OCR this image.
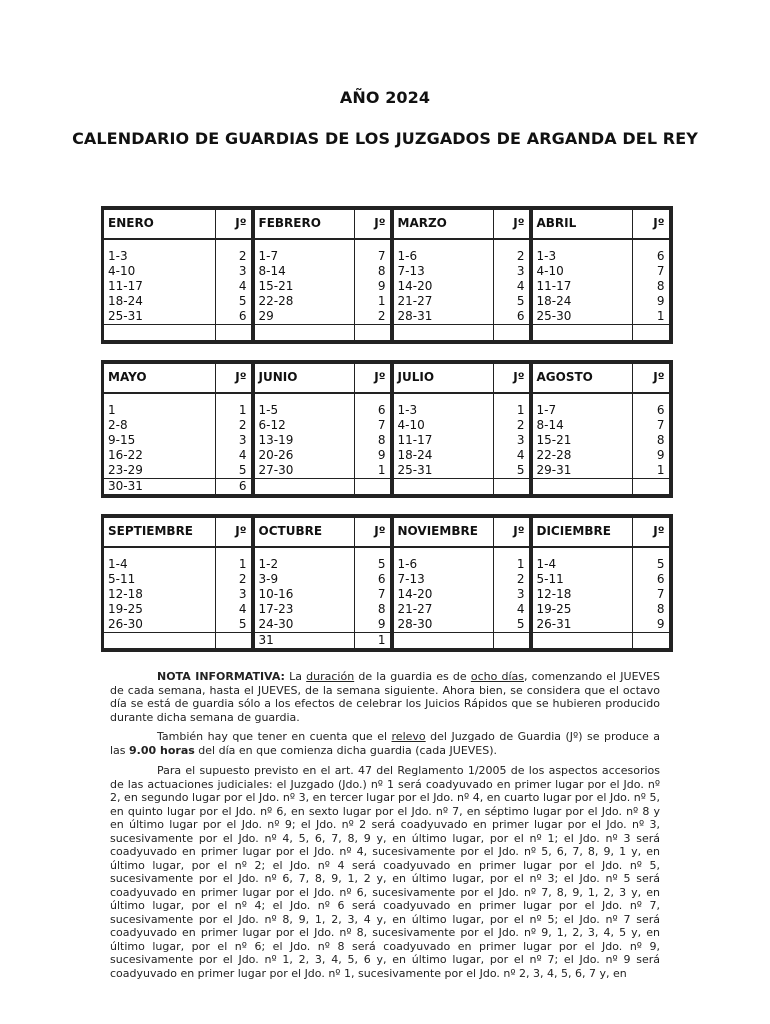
AÑO 2024
CALENDARIO DE GUARDIAS DE LOS JUZGADOS DE ARGANDA DEL REY
ENERO	Jº	FEBRERO	Jº	MARZO	Jº	ABRIL	Jº

1-3	2	1-7	7	1-6	2	1-3	6
4-10	3	8-14	8	7-13	3	4-10	7
11-17	4	15-21	9	14-20	4	11-17	8
18-24	5	22-28	1	21-27	5	18-24	9
25-31	6	29	2	28-31	6	25-30	1

MAYO	Jº	JUNIO	Jº	JULIO	Jº	AGOSTO	Jº

1	1	1-5	6	1-3	1	1-7	6
2-8	2	6-12	7	4-10	2	8-14	7
9-15	3	13-19	8	11-17	3	15-21	8
16-22	4	20-26	9	18-24	4	22-28	9
23-29	5	27-30	1	25-31	5	29-31	1
30-31	6						
SEPTIEMBRE	Jº	OCTUBRE	Jº	NOVIEMBRE	Jº	DICIEMBRE	Jº

1-4	1	1-2	5	1-6	1	1-4	5
5-11	2	3-9	6	7-13	2	5-11	6
12-18	3	10-16	7	14-20	3	12-18	7
19-25	4	17-23	8	21-27	4	19-25	8
26-30	5	24-30	9	28-30	5	26-31	9
		31	1				
NOTA INFORMATIVA: La duración de la guardia es de ocho días, comenzando el JUEVES de cada semana, hasta el JUEVES, de la semana siguiente. Ahora bien, se considera que el octavo día se está de guardia sólo a los efectos de celebrar los Juicios Rápidos que se hubieren producido durante dicha semana de guardia.
También hay que tener en cuenta que el relevo del Juzgado de Guardia (Jº) se produce a las 9.00 horas del día en que comienza dicha guardia (cada JUEVES).
Para el supuesto previsto en el art. 47 del Reglamento 1/2005 de los aspectos accesorios de las actuaciones judiciales: el Juzgado (Jdo.) nº 1 será coadyuvado en primer lugar por el Jdo. nº 2, en segundo lugar por el Jdo. nº 3, en tercer lugar por el Jdo. nº 4, en cuarto lugar por el Jdo. nº 5, en quinto lugar por el Jdo. nº 6, en sexto lugar por el Jdo. nº 7, en séptimo lugar por el Jdo. nº 8 y en último lugar por el Jdo. nº 9; el Jdo. nº 2 será coadyuvado en primer lugar por el Jdo. nº 3, sucesivamente por el Jdo. nº 4, 5, 6, 7, 8, 9 y, en último lugar, por el nº 1; el Jdo. nº 3 será coadyuvado en primer lugar por el Jdo. nº 4, sucesivamente por el Jdo. nº 5, 6, 7, 8, 9, 1 y, en último lugar, por el nº 2; el Jdo. nº 4 será coadyuvado en primer lugar por el Jdo. nº 5, sucesivamente por el Jdo. nº 6, 7, 8, 9, 1, 2 y, en último lugar, por el nº 3; el Jdo. nº 5 será coadyuvado en primer lugar por el Jdo. nº 6, sucesivamente por el Jdo. nº 7, 8, 9, 1, 2, 3 y, en último lugar, por el nº 4; el Jdo. nº 6 será coadyuvado en primer lugar por el Jdo. nº 7, sucesivamente por el Jdo. nº 8, 9, 1, 2, 3, 4 y, en último lugar, por el nº 5; el Jdo. nº 7 será coadyuvado en primer lugar por el Jdo. nº 8, sucesivamente por el Jdo. nº 9, 1, 2, 3, 4, 5 y, en último lugar, por el nº 6; el Jdo. nº 8 será coadyuvado en primer lugar por el Jdo. nº 9, sucesivamente por el Jdo. nº 1, 2, 3, 4, 5, 6 y, en último lugar, por el nº 7; el Jdo. nº 9 será coadyuvado en primer lugar por el Jdo. nº 1, sucesivamente por el Jdo. nº 2, 3, 4, 5, 6, 7 y, en
